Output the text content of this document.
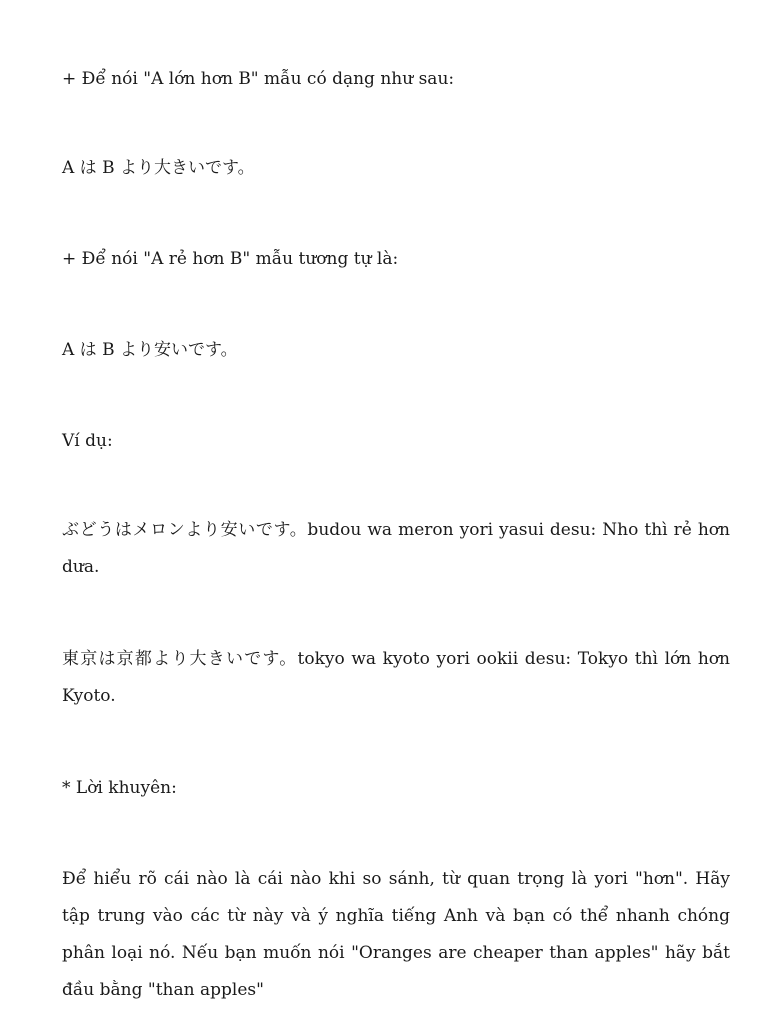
+ Để nói "A lớn hơn B" mẫu có dạng như sau:

A は B より大きいです。

+ Để nói "A rẻ hơn B" mẫu tương tự là:

A は B より安いです。

Ví dụ:

ぶどうはメロンより安いです。budou wa meron yori yasui desu: Nho thì rẻ hơn dưa.

東京は京都より大きいです。tokyo wa kyoto yori ookii desu: Tokyo thì lớn hơn Kyoto.

* Lời khuyên:

Để hiểu rõ cái nào là cái nào khi so sánh, từ quan trọng là yori "hơn". Hãy tập trung vào các từ này và ý nghĩa tiếng Anh và bạn có thể nhanh chóng phân loại nó. Nếu bạn muốn nói "Oranges are cheaper than apples" hãy bắt đầu bằng "than apples"
